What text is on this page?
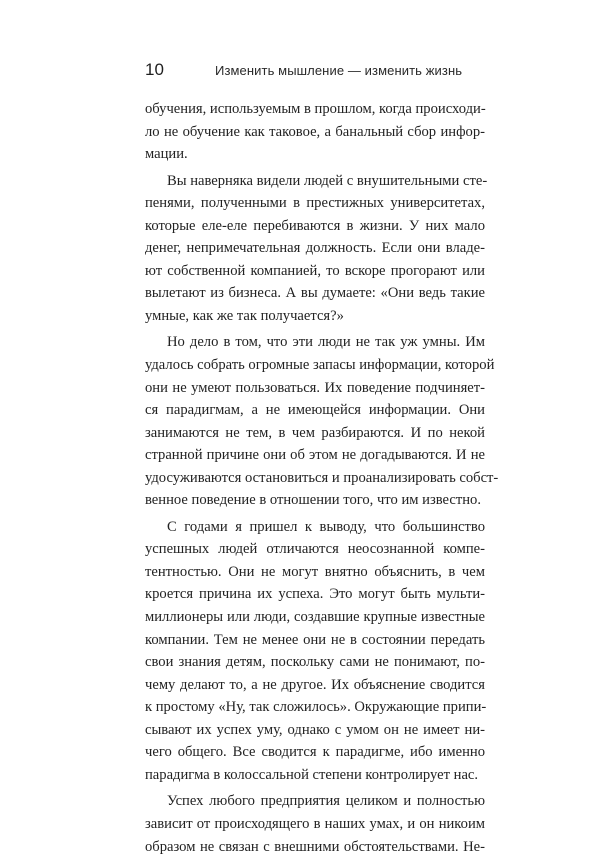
10	Изменить мышление — изменить жизнь

обучения, используемым в прошлом, когда происходи-
ло не обучение как таковое, а банальный сбор инфор-
мации.

Вы наверняка видели людей с внушительными сте-
пенями, полученными в престижных университетах,
которые еле-еле перебиваются в жизни. У них мало
денег, непримечательная должность. Если они владе-
ют собственной компанией, то вскоре прогорают или
вылетают из бизнеса. А вы думаете: «Они ведь такие
умные, как же так получается?»

Но дело в том, что эти люди не так уж умны. Им
удалось собрать огромные запасы информации, которой
они не умеют пользоваться. Их поведение подчиняет-
ся парадигмам, а не имеющейся информации. Они
занимаются не тем, в чем разбираются. И по некой
странной причине они об этом не догадываются. И не
удосуживаются остановиться и проанализировать собст-
венное поведение в отношении того, что им известно.

С годами я пришел к выводу, что большинство
успешных людей отличаются неосознанной компе-
тентностью. Они не могут внятно объяснить, в чем
кроется причина их успеха. Это могут быть мульти-
миллионеры или люди, создавшие крупные известные
компании. Тем не менее они не в состоянии передать
свои знания детям, поскольку сами не понимают, по-
чему делают то, а не другое. Их объяснение сводится
к простому «Ну, так сложилось». Окружающие припи-
сывают их успех уму, однако с умом он не имеет ни-
чего общего. Все сводится к парадигме, ибо именно
парадигма в колоссальной степени контролирует нас.

Успех любого предприятия целиком и полностью
зависит от происходящего в наших умах, и он никоим
образом не связан с внешними обстоятельствами. Не-
